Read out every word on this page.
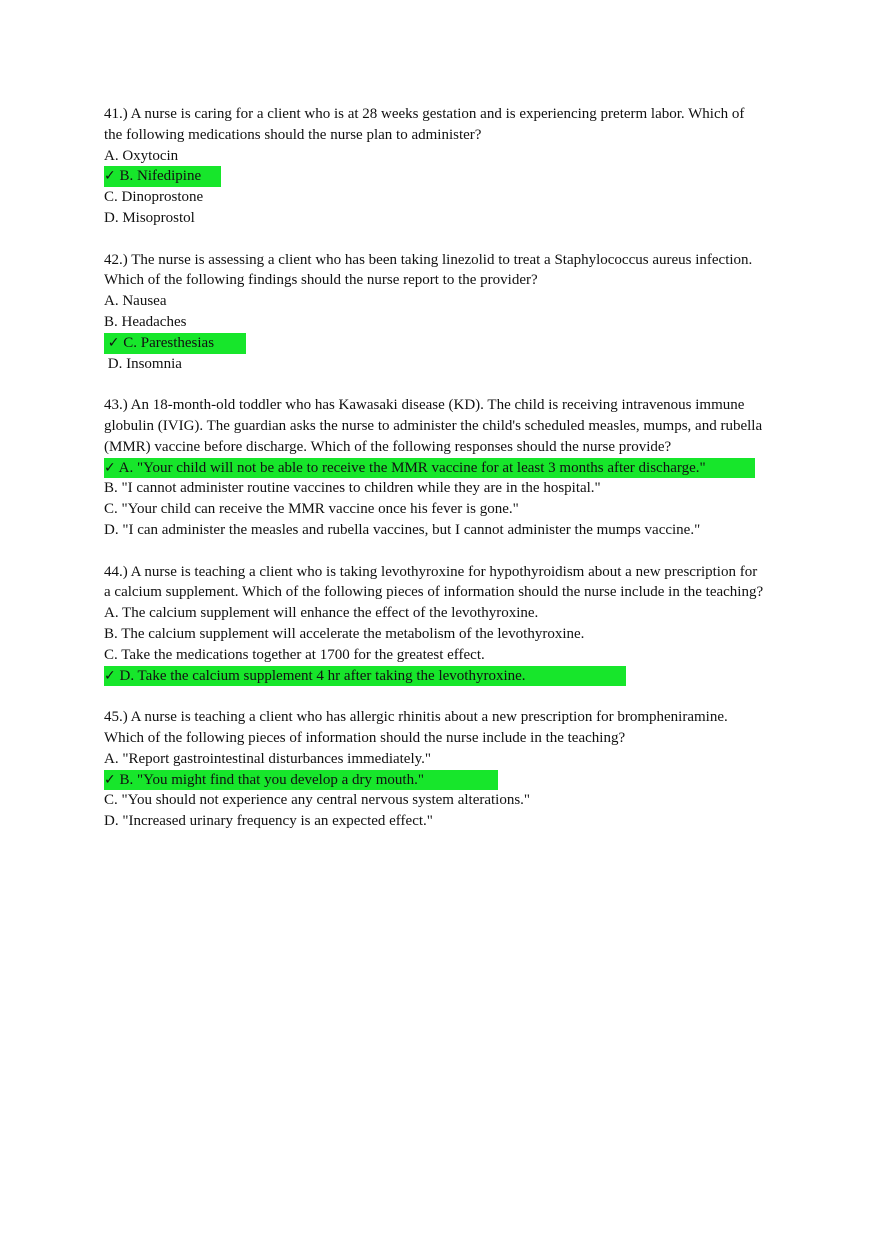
41.) A nurse is caring for a client who is at 28 weeks gestation and is experiencing preterm labor. Which of the following medications should the nurse plan to administer?

A. Oxytocin
✓ B. Nifedipine
C. Dinoprostone
D. Misoprostol

42.) The nurse is assessing a client who has been taking linezolid to treat a Staphylococcus aureus infection. Which of the following findings should the nurse report to the provider?

A. Nausea
B. Headaches
✓ C. Paresthesias
D. Insomnia

43.) An 18-month-old toddler who has Kawasaki disease (KD). The child is receiving intravenous immune globulin (IVIG). The guardian asks the nurse to administer the child's scheduled measles, mumps, and rubella (MMR) vaccine before discharge. Which of the following responses should the nurse provide?

✓ A. "Your child will not be able to receive the MMR vaccine for at least 3 months after discharge."
B. "I cannot administer routine vaccines to children while they are in the hospital."
C. "Your child can receive the MMR vaccine once his fever is gone."
D. "I can administer the measles and rubella vaccines, but I cannot administer the mumps vaccine."

44.) A nurse is teaching a client who is taking levothyroxine for hypothyroidism about a new prescription for a calcium supplement. Which of the following pieces of information should the nurse include in the teaching?

A. The calcium supplement will enhance the effect of the levothyroxine.
B. The calcium supplement will accelerate the metabolism of the levothyroxine.
C. Take the medications together at 1700 for the greatest effect.
✓ D. Take the calcium supplement 4 hr after taking the levothyroxine.

45.) A nurse is teaching a client who has allergic rhinitis about a new prescription for brompheniramine. Which of the following pieces of information should the nurse include in the teaching?

A. "Report gastrointestinal disturbances immediately."
✓ B. "You might find that you develop a dry mouth."
C. "You should not experience any central nervous system alterations."
D. "Increased urinary frequency is an expected effect."
